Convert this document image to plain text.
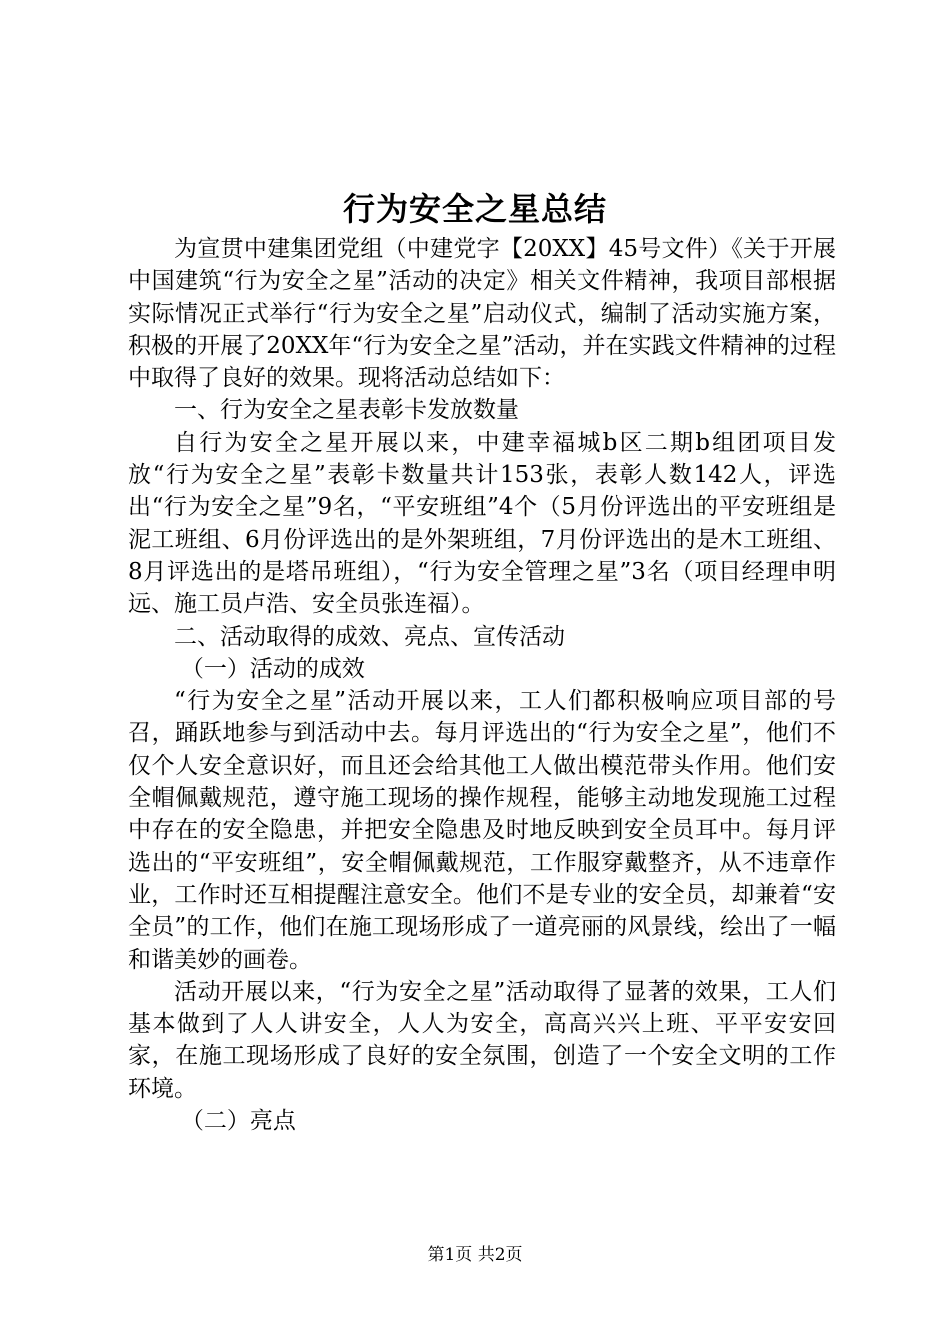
行为安全之星总结

为宣贯中建集团党组（中建党字【20XX】45号文件）《关于开展中国建筑“行为安全之星”活动的决定》相关文件精神，我项目部根据实际情况正式举行“行为安全之星”启动仪式，编制了活动实施方案，积极的开展了20XX年“行为安全之星”活动，并在实践文件精神的过程中取得了良好的效果。现将活动总结如下：

一、行为安全之星表彰卡发放数量

自行为安全之星开展以来，中建幸福城b区二期b组团项目发放“行为安全之星”表彰卡数量共计153张，表彰人数142人，评选出“行为安全之星”9名，“平安班组”4个（5月份评选出的平安班组是泥工班组、6月份评选出的是外架班组，7月份评选出的是木工班组、8月评选出的是塔吊班组），“行为安全管理之星”3名（项目经理申明远、施工员卢浩、安全员张连福）。

二、活动取得的成效、亮点、宣传活动

（一）活动的成效

“行为安全之星”活动开展以来，工人们都积极响应项目部的号召，踊跃地参与到活动中去。每月评选出的“行为安全之星”，他们不仅个人安全意识好，而且还会给其他工人做出模范带头作用。他们安全帽佩戴规范，遵守施工现场的操作规程，能够主动地发现施工过程中存在的安全隐患，并把安全隐患及时地反映到安全员耳中。每月评选出的“平安班组”，安全帽佩戴规范，工作服穿戴整齐，从不违章作业，工作时还互相提醒注意安全。他们不是专业的安全员，却兼着“安全员”的工作，他们在施工现场形成了一道亮丽的风景线，绘出了一幅和谐美妙的画卷。

活动开展以来，“行为安全之星”活动取得了显著的效果，工人们基本做到了人人讲安全，人人为安全，高高兴兴上班、平平安安回家，在施工现场形成了良好的安全氛围，创造了一个安全文明的工作环境。

（二）亮点

第1页 共2页
